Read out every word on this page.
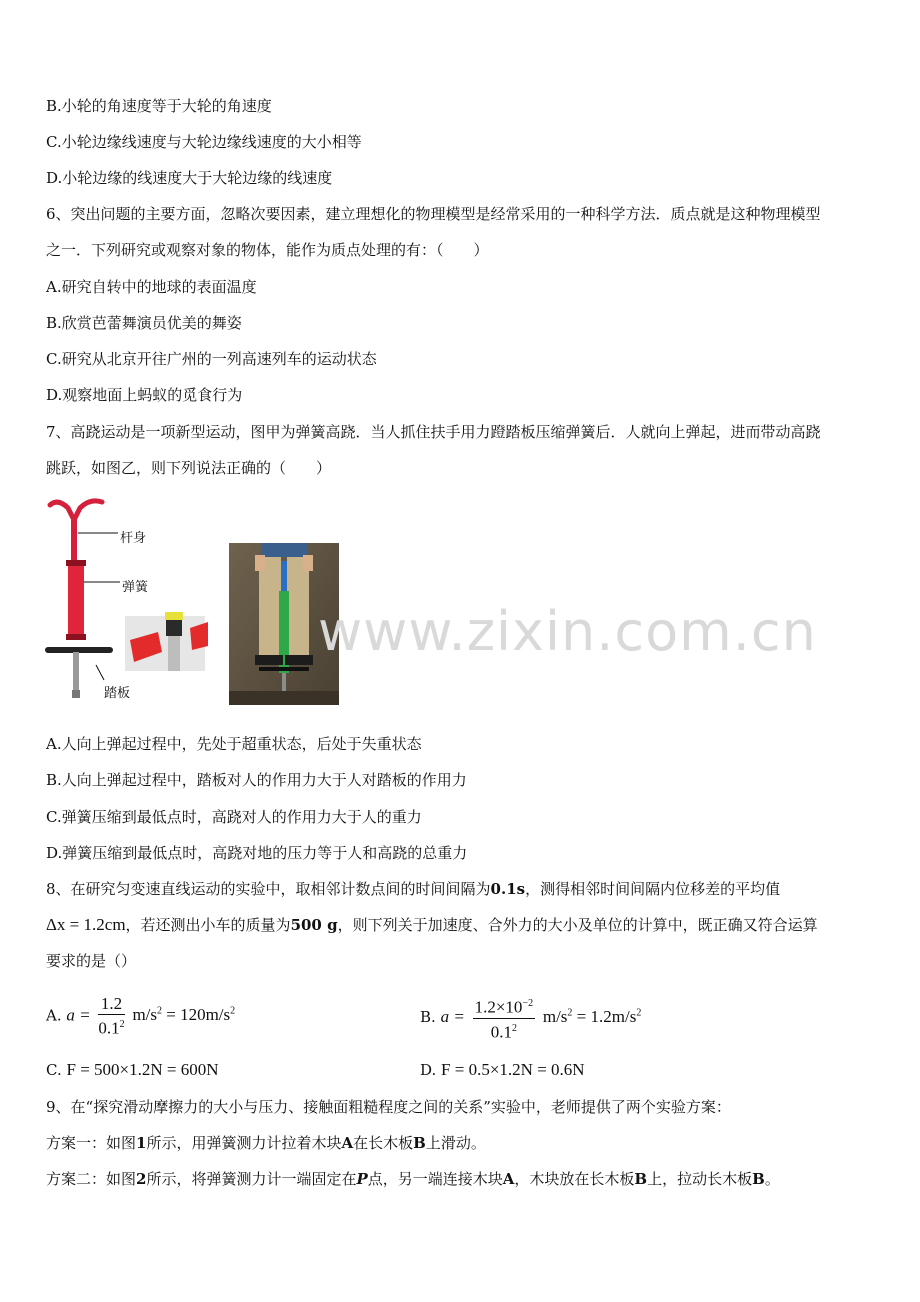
B.小轮的角速度等于大轮的角速度
C.小轮边缘线速度与大轮边缘线速度的大小相等
D.小轮边缘的线速度大于大轮边缘的线速度
6、突出问题的主要方面，忽略次要因素，建立理想化的物理模型是经常采用的一种科学方法．质点就是这种物理模型
之一．下列研究或观察对象的物体，能作为质点处理的有：（　　）
A.研究自转中的地球的表面温度
B.欣赏芭蕾舞演员优美的舞姿
C.研究从北京开往广州的一列高速列车的运动状态
D.观察地面上蚂蚁的觅食行为
7、高跷运动是一项新型运动，图甲为弹簧高跷．当人抓住扶手用力蹬踏板压缩弹簧后．人就向上弹起，进而带动高跷
跳跃，如图乙，则下列说法正确的（　　）
杆身
弹簧
踏板
www.zixin.com.cn
A.人向上弹起过程中，先处于超重状态，后处于失重状态
B.人向上弹起过程中，踏板对人的作用力大于人对踏板的作用力
C.弹簧压缩到最低点时，高跷对人的作用力大于人的重力
D.弹簧压缩到最低点时，高跷对地的压力等于人和高跷的总重力
8、在研究匀变速直线运动的实验中，取相邻计数点间的时间间隔为0.1s，测得相邻时间间隔内位移差的平均值
Δx = 1.2cm，若还测出小车的质量为500 g，则下列关于加速度、合外力的大小及单位的计算中，既正确又符合运算
要求的是（）
A. $a = \frac{1.2}{0.1^2} m/s^2 = 120m/s^2$	B. $a = \frac{1.2\times 10^{-2}}{0.1^2} m/s^2 = 1.2m/s^2$
C. F = 500×1.2N = 600N	D. F = 0.5×1.2N = 0.6N
9、在“探究滑动摩擦力的大小与压力、接触面粗糙程度之间的关系”实验中，老师提供了两个实验方案：
方案一：如图1所示，用弹簧测力计拉着木块A在长木板B上滑动。
方案二：如图2所示，将弹簧测力计一端固定在P点，另一端连接木块A，木块放在长木板B上，拉动长木板B。
